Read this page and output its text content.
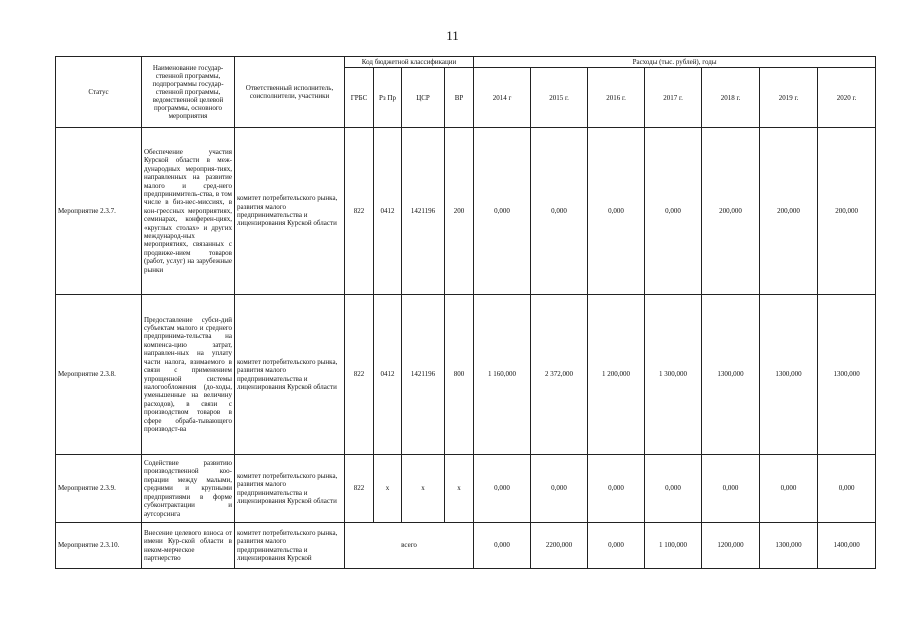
11
Статус	Наименование государ-ственной программы, подпрограммы государ-ственной программы, ведомственной целевой программы, основного мероприятия	Ответственный исполнитель, соисполнители, участники	Код бюджетной классификации				Расходы (тыс. рублей), годы						
			ГРБС	Рз Пр	ЦСР	ВР	2014 г	2015 г.	2016 г.	2017 г.	2018 г.	2019 г.	2020 г.
Мероприятие 2.3.7.	Обеспечение участия Курской области в меж-дународных мероприя-тиях, направленных на развитие малого и сред-него предпринимитель-ства, в том числе в биз-нес-миссиях, в кон-грессных мероприятиях, семинарах, конферен-циях, «круглых столах» и других международ-ных мероприятиях, связанных с продвиже-нием товаров (работ, услуг) на зарубежные рынки	комитет потребительского рынка, развития малого предпринимательства и лицензирования Курской области	822	0412	1421196	200	0,000	0,000	0,000	0,000	200,000	200,000	200,000
Мероприятие 2.3.8.	Предоставление субси-дий субъектам малого и среднего предпринима-тельства на компенса-цию затрат, направлен-ных на уплату части налога, взимаемого в связи с применением упрощенной системы налогообложения (до-ходы, уменьшенные на величину расходов), в связи с производством товаров в сфере обраба-тывающего производст-ва	комитет потребительского рынка, развития малого предпринимательства и лицензирования Курской области	822	0412	1421196	800	1 160,000	2 372,000	1 200,000	1 300,000	1300,000	1300,000	1300,000
Мероприятие 2.3.9.	Содействие развитию производственной коо-перации между малыми, средними и крупными предприятиями в форме субконтрактации и аутсорсинга	комитет потребительского рынка, развития малого предпринимательства и лицензирования Курской области	822	x	x	x	0,000	0,000	0,000	0,000	0,000	0,000	0,000
Мероприятие 2.3.10.	Внесение целевого взноса от имени Кур-ской области в неком-мерческое партнерство	комитет потребительского рынка, развития малого предпринимательства и лицензирования Курской	всего				0,000	2200,000	0,000	1 100,000	1200,000	1300,000	1400,000
